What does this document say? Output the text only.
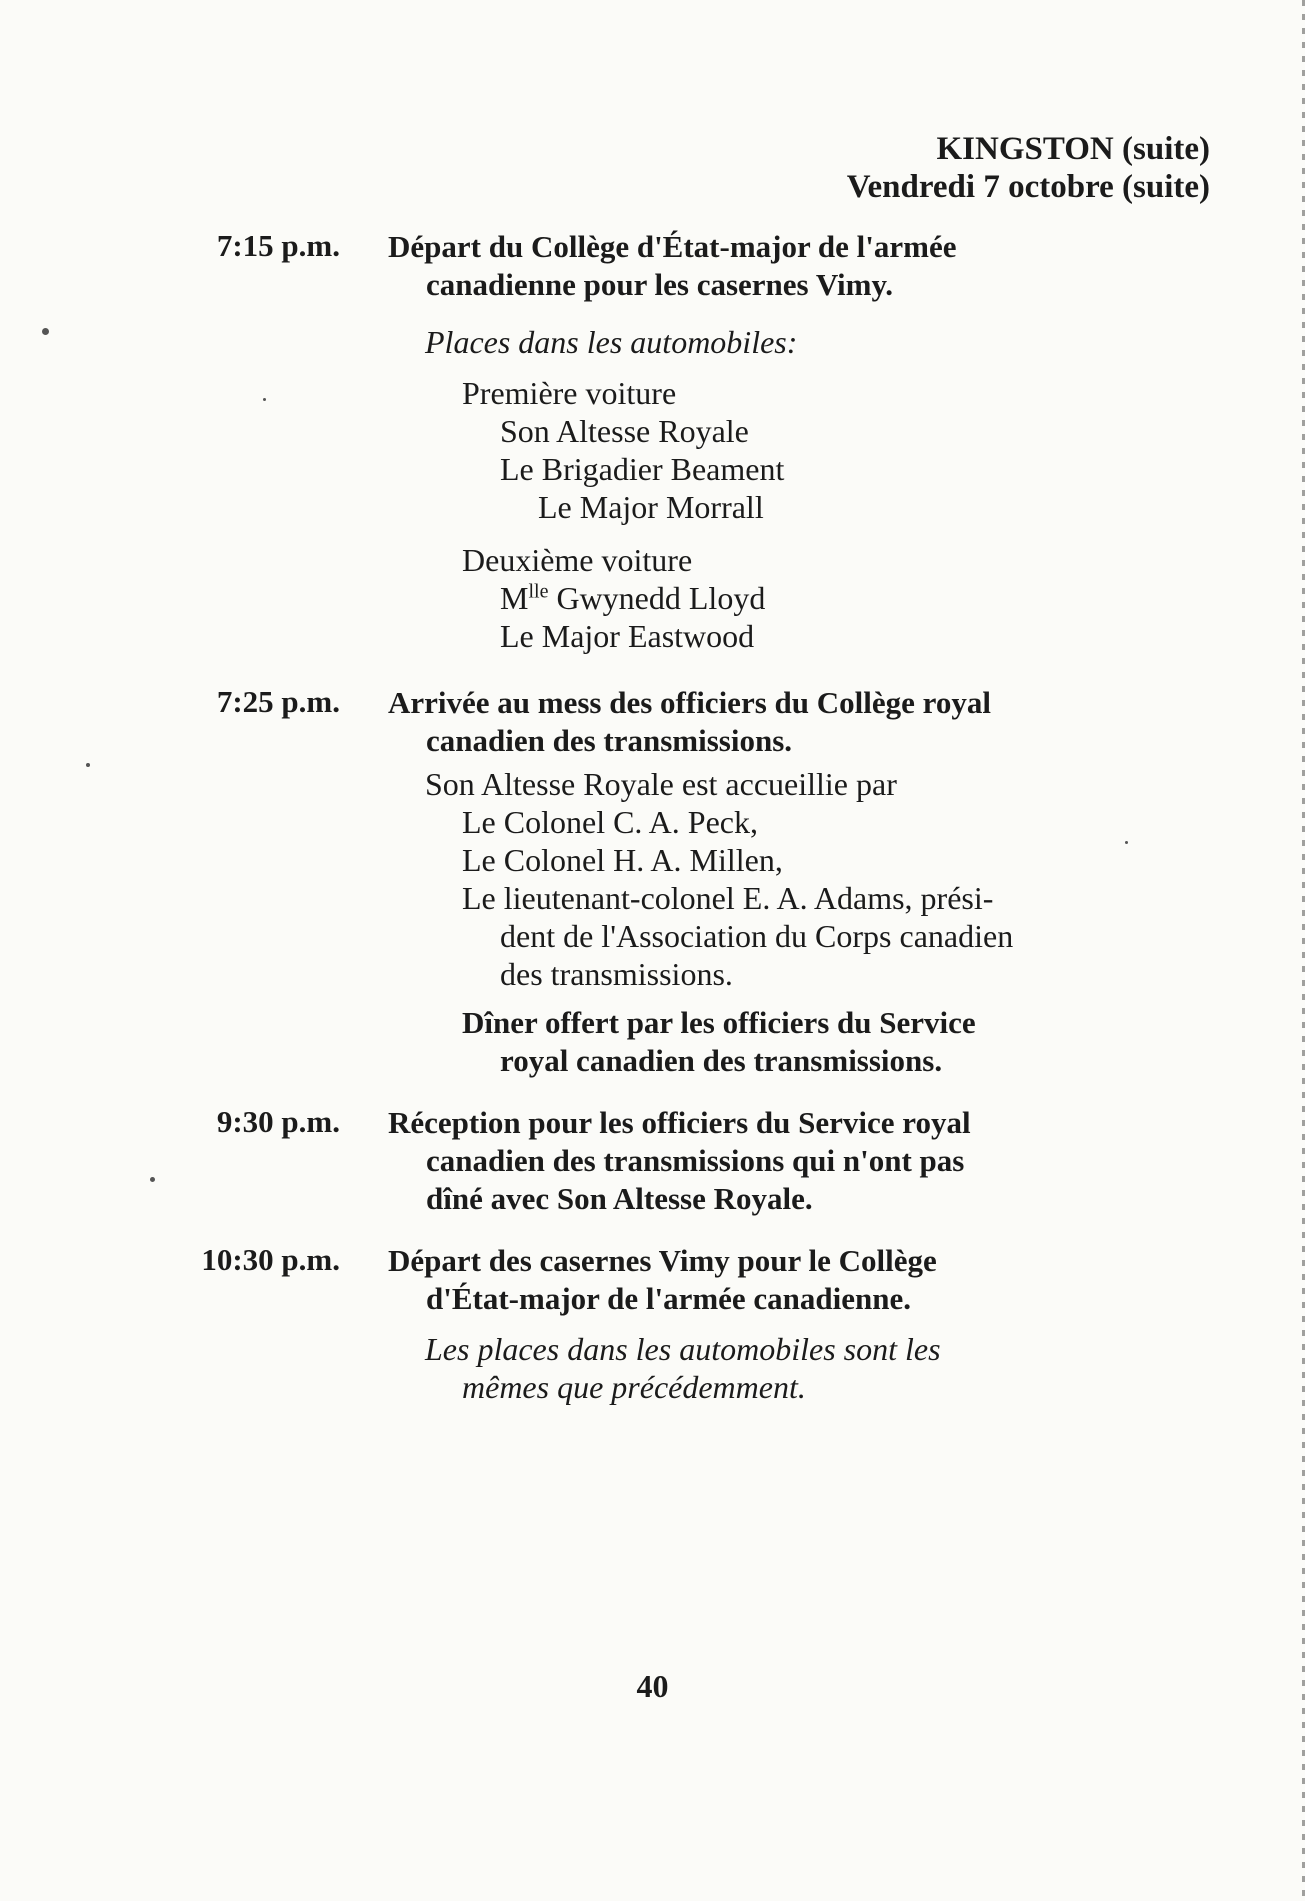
KINGSTON (suite)
Vendredi 7 octobre (suite)
7:15 p.m. Départ du Collège d'État-major de l'armée
canadienne pour les casernes Vimy.
Places dans les automobiles:
Première voiture
Son Altesse Royale
Le Brigadier Beament
Le Major Morrall
Deuxième voiture
$M^{lle}$ Gwynedd Lloyd
Le Major Eastwood
7:25 p.m. Arrivée au mess des officiers du Collège royal
canadien des transmissions.
Son Altesse Royale est accueillie par
Le Colonel C. A. Peck,
Le Colonel H. A. Millen,
Le lieutenant-colonel E. A. Adams, prési-
dent de l'Association du Corps canadien
des transmissions.
Dîner offert par les officiers du Service
royal canadien des transmissions.
9:30 p.m. Réception pour les officiers du Service royal
canadien des transmissions qui n'ont pas
dîné avec Son Altesse Royale.
10:30 p.m. Départ des casernes Vimy pour le Collège
d'État-major de l'armée canadienne.
Les places dans les automobiles sont les
mêmes que précédemment.
40
